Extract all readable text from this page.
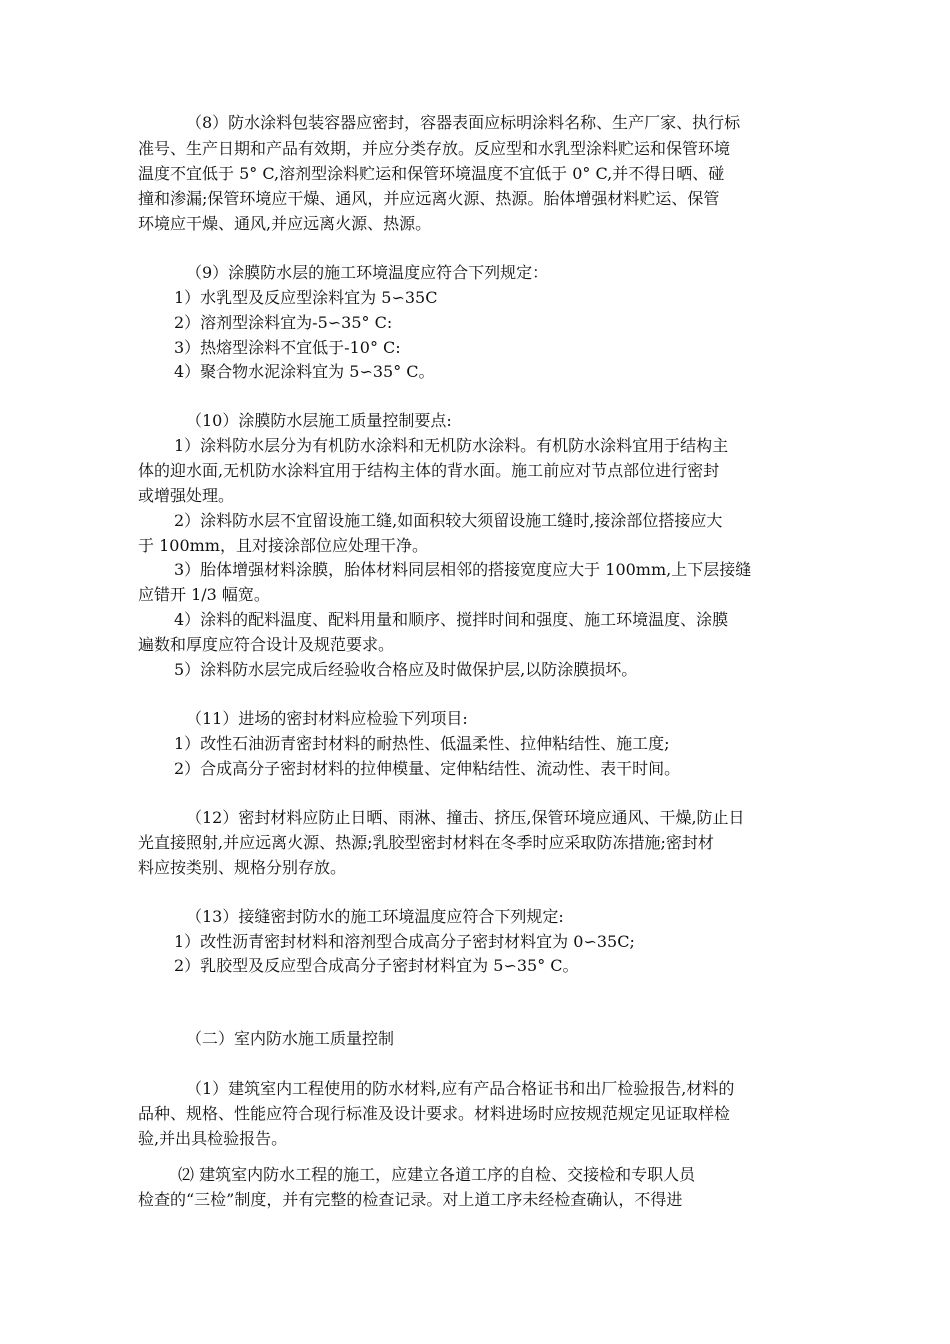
（8）防水涂料包装容器应密封，容器表面应标明涂料名称、生产厂家、执行标
准号、生产日期和产品有效期，并应分类存放。反应型和水乳型涂料贮运和保管环境
温度不宜低于 5° C,溶剂型涂料贮运和保管环境温度不宜低于 0° C,并不得日晒、碰
撞和渗漏;保管环境应干燥、通风，并应远离火源、热源。胎体增强材料贮运、保管
环境应干燥、通风,并应远离火源、热源。
（9）涂膜防水层的施工环境温度应符合下列规定：
1）水乳型及反应型涂料宜为 5∽35C
2）溶剂型涂料宜为-5∽35° C:
3）热熔型涂料不宜低于-10° C:
4）聚合物水泥涂料宜为 5∽35° C。
（10）涂膜防水层施工质量控制要点:
1）涂料防水层分为有机防水涂料和无机防水涂料。有机防水涂料宜用于结构主
体的迎水面,无机防水涂料宜用于结构主体的背水面。施工前应对节点部位进行密封
或增强处理。
2）涂料防水层不宜留设施工缝,如面积较大须留设施工缝时,接涂部位搭接应大
于 100mm，且对接涂部位应处理干净。
3）胎体增强材料涂膜，胎体材料同层相邻的搭接宽度应大于 100mm,上下层接缝
应错开 1/3 幅宽。
4）涂料的配料温度、配料用量和顺序、搅拌时间和强度、施工环境温度、涂膜
遍数和厚度应符合设计及规范要求。
5）涂料防水层完成后经验收合格应及时做保护层,以防涂膜损坏。
（11）进场的密封材料应检验下列项目:
1）改性石油沥青密封材料的耐热性、低温柔性、拉伸粘结性、施工度;
2）合成高分子密封材料的拉伸模量、定伸粘结性、流动性、表干时间。
（12）密封材料应防止日晒、雨淋、撞击、挤压,保管环境应通风、干燥,防止日
光直接照射,并应远离火源、热源;乳胶型密封材料在冬季时应采取防冻措施;密封材
料应按类别、规格分别存放。
（13）接缝密封防水的施工环境温度应符合下列规定:
1）改性沥青密封材料和溶剂型合成高分子密封材料宜为 0∽35C;
2）乳胶型及反应型合成高分子密封材料宜为 5∽35° C。
（二）室内防水施工质量控制
（1）建筑室内工程使用的防水材料,应有产品合格证书和出厂检验报告,材料的
品种、规格、性能应符合现行标准及设计要求。材料进场时应按规范规定见证取样检
验,并出具检验报告。
⑵ 建筑室内防水工程的施工，应建立各道工序的自检、交接检和专职人员
检查的“三检”制度，并有完整的检查记录。对上道工序未经检查确认，不得进
